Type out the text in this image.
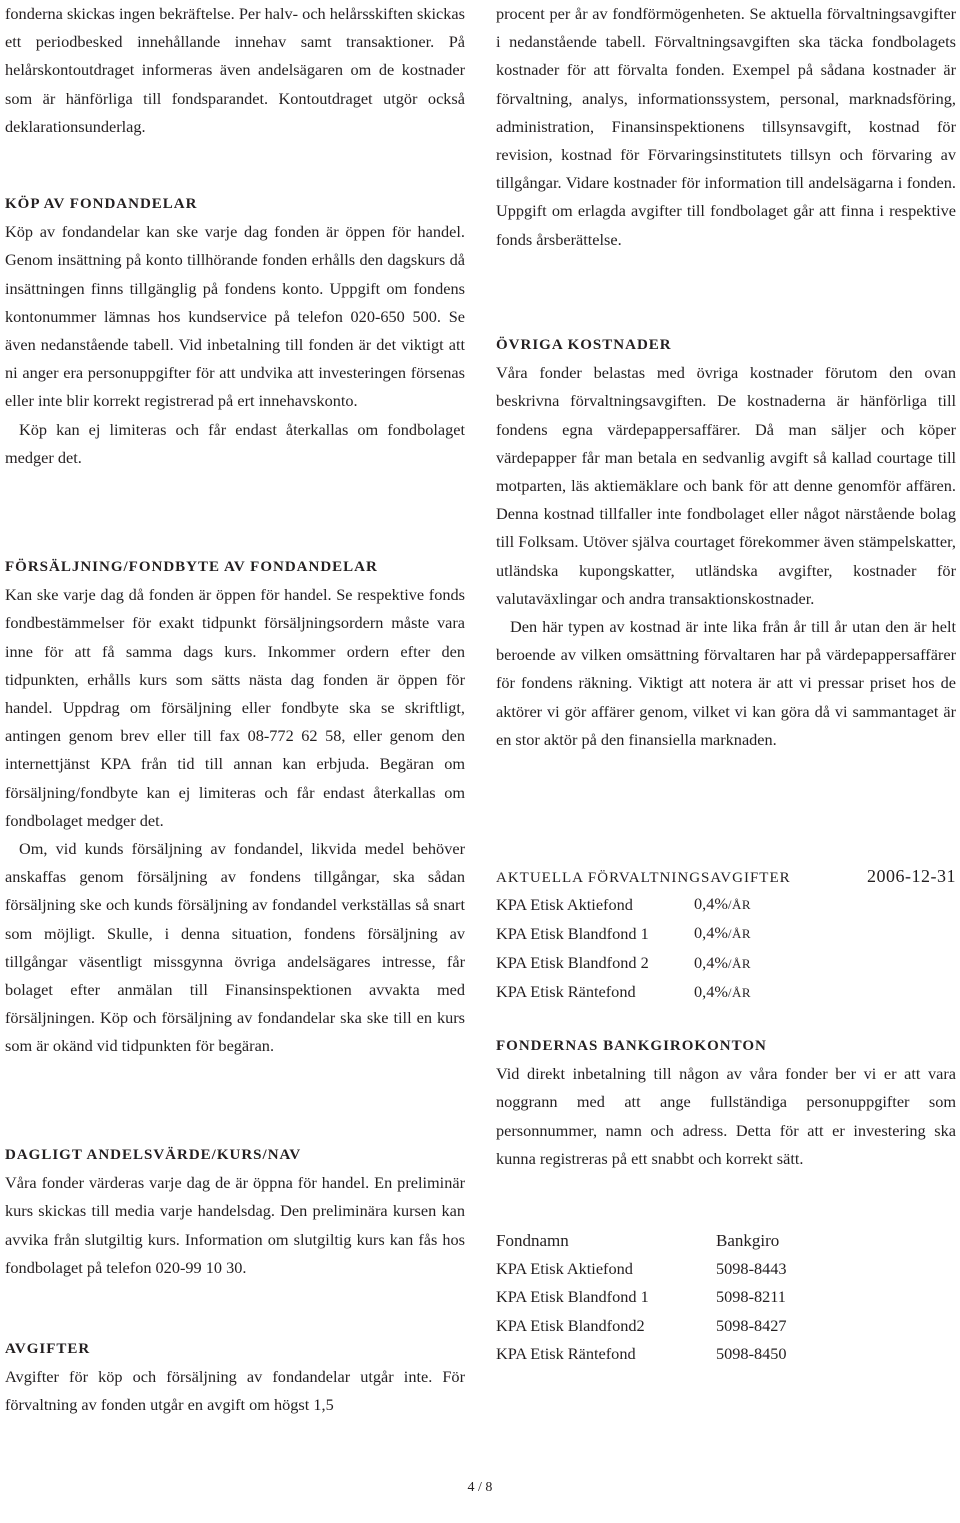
fonderna skickas ingen bekräftelse. Per halv- och helårsskiften skickas ett periodbesked innehållande innehav samt transaktioner. På helårskontoutdraget informeras även andelsägaren om de kostnader som är hänförliga till fondsparandet. Kontoutdraget utgör också deklarationsunderlag.

KÖP AV FONDANDELAR

Köp av fondandelar kan ske varje dag fonden är öppen för handel. Genom insättning på konto tillhörande fonden erhålls den dagskurs då insättningen finns tillgänglig på fondens konto. Uppgift om fondens kontonummer lämnas hos kundservice på telefon 020-650 500. Se även nedanstående tabell. Vid inbetalning till fonden är det viktigt att ni anger era personuppgifter för att undvika att investeringen försenas eller inte blir korrekt registrerad på ert innehavskonto.

Köp kan ej limiteras och får endast återkallas om fondbolaget medger det.

FÖRSÄLJNING/FONDBYTE AV FONDANDELAR

Kan ske varje dag då fonden är öppen för handel. Se respektive fonds fondbestämmelser för exakt tidpunkt försäljningsordern måste vara inne för att få samma dags kurs. Inkommer ordern efter den tidpunkten, erhålls kurs som sätts nästa dag fonden är öppen för handel. Uppdrag om försäljning eller fondbyte ska se skriftligt, antingen genom brev eller till fax 08-772 62 58, eller genom den internettjänst KPA från tid till annan kan erbjuda. Begäran om försäljning/fondbyte kan ej limiteras och får endast återkallas om fondbolaget medger det.

Om, vid kunds försäljning av fondandel, likvida medel behöver anskaffas genom försäljning av fondens tillgångar, ska sådan försäljning ske och kunds försäljning av fondandel verkställas så snart som möjligt. Skulle, i denna situation, fondens försäljning av tillgångar väsentligt missgynna övriga andelsägares intresse, får bolaget efter anmälan till Finansinspektionen avvakta med försäljningen. Köp och försäljning av fondandelar ska ske till en kurs som är okänd vid tidpunkten för begäran.

DAGLIGT ANDELSVÄRDE/KURS/NAV

Våra fonder värderas varje dag de är öppna för handel. En preliminär kurs skickas till media varje handelsdag. Den preliminära kursen kan avvika från slutgiltig kurs. Information om slutgiltig kurs kan fås hos fondbolaget på telefon 020-99 10 30.

AVGIFTER

Avgifter för köp och försäljning av fondandelar utgår inte. För förvaltning av fonden utgår en avgift om högst 1,5

procent per år av fondförmögenheten. Se aktuella förvaltningsavgifter i nedanstående tabell. Förvaltningsavgiften ska täcka fondbolagets kostnader för att förvalta fonden. Exempel på sådana kostnader är förvaltning, analys, informationssystem, personal, marknadsföring, administration, Finansinspektionens tillsynsavgift, kostnad för revision, kostnad för Förvaringsinstitutets tillsyn och förvaring av tillgångar. Vidare kostnader för information till andelsägarna i fonden. Uppgift om erlagda avgifter till fondbolaget går att finna i respektive fonds årsberättelse.

ÖVRIGA KOSTNADER

Våra fonder belastas med övriga kostnader förutom den ovan beskrivna förvaltningsavgiften. De kostnaderna är hänförliga till fondens egna värdepappersaffärer. Då man säljer och köper värdepapper får man betala en sedvanlig avgift så kallad courtage till motparten, läs aktiemäklare och bank för att denne genomför affären. Denna kostnad tillfaller inte fondbolaget eller något närstående bolag till Folksam. Utöver själva courtaget förekommer även stämpelskatter, utländska kupongskatter, utländska avgifter, kostnader för valutaväxlingar och andra transaktionskostnader.

Den här typen av kostnad är inte lika från år till år utan den är helt beroende av vilken omsättning förvaltaren har på värdepappersaffärer för fondens räkning. Viktigt att notera är att vi pressar priset hos de aktörer vi gör affärer genom, vilket vi kan göra då vi sammantaget är en stor aktör på den finansiella marknaden.

AKTUELLA FÖRVALTNINGSAVGIFTER	2006-12-31
KPA Etisk Aktiefond	0,4%/ÅR
KPA Etisk Blandfond 1	0,4%/ÅR
KPA Etisk Blandfond 2	0,4%/ÅR
KPA Etisk Räntefond	0,4%/ÅR
FONDERNAS BANKGIROKONTON

Vid direkt inbetalning till någon av våra fonder ber vi er att vara noggrann med att ange fullständiga personuppgifter som personnummer, namn och adress. Detta för att er investering ska kunna registreras på ett snabbt och korrekt sätt.

Fondnamn	Bankgiro
KPA Etisk Aktiefond	5098-8443
KPA Etisk Blandfond 1	5098-8211
KPA Etisk Blandfond2	5098-8427
KPA Etisk Räntefond	5098-8450
4 / 8
